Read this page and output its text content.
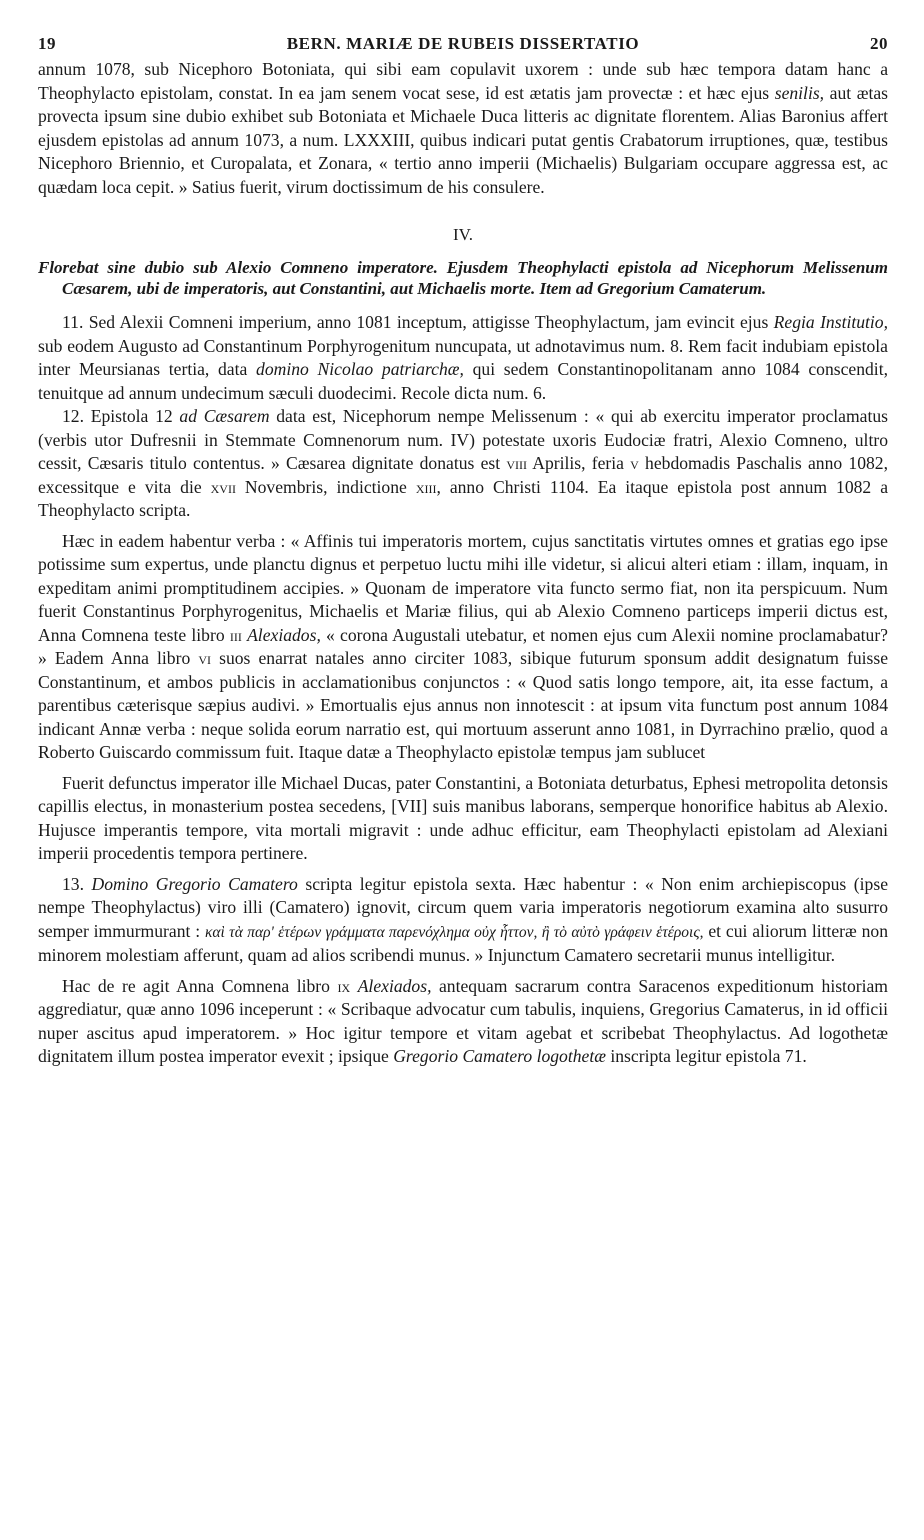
19	BERN. MARIÆ DE RUBEIS DISSERTATIO	20

annum 1078, sub Nicephoro Botoniata, qui sibi eam copulavit uxorem : unde sub hæc tempora datam hanc a Theophylacto epistolam, constat. In ea jam senem vocat sese, id est ætatis jam provectæ : et hæc ejus senilis, aut ætas provecta ipsum sine dubio exhibet sub Botoniata et Michaele Duca litteris ac dignitate florentem. Alias Baronius affert ejusdem epistolas ad annum 1073, a num. LXXXIII, quibus indicari putat gentis Crabatorum irruptiones, quæ, testibus Nicephoro Briennio, et Curopalata, et Zonara, « tertio anno imperii (Michaelis) Bulgariam occupare aggressa est, ac quædam loca cepit. » Satius fuerit, virum doctissimum de his consulere.

IV.

Florebat sine dubio sub Alexio Comneno imperatore. Ejusdem Theophylacti epistola ad Nicephorum Melissenum Cæsarem, ubi de imperatoris, aut Constantini, aut Michaelis morte. Item ad Gregorium Camaterum.

11. Sed Alexii Comneni imperium, anno 1081 inceptum, attigisse Theophylactum, jam evincit ejus Regia Institutio, sub eodem Augusto ad Constantinum Porphyrogenitum nuncupata, ut adnotavimus num. 8. Rem facit indubiam epistola inter Meursianas tertia, data domino Nicolao patriarchæ, qui sedem Constantinopolitanam anno 1084 conscendit, tenuitque ad annum undecimum sæculi duodecimi. Recole dicta num. 6.

12. Epistola 12 ad Cæsarem data est, Nicephorum nempe Melissenum : « qui ab exercitu imperator proclamatus (verbis utor Dufresnii in Stemmate Comnenorum num. IV) potestate uxoris Eudociæ fratri, Alexio Comneno, ultro cessit, Cæsaris titulo contentus. » Cæsarea dignitate donatus est viii Aprilis, feria v hebdomadis Paschalis anno 1082, excessitque e vita die xvii Novembris, indictione xiii, anno Christi 1104. Ea itaque epistola post annum 1082 a Theophylacto scripta.

Hæc in eadem habentur verba : « Affinis tui imperatoris mortem, cujus sanctitatis virtutes omnes et gratias ego ipse potissime sum expertus, unde planctu dignus et perpetuo luctu mihi ille videtur, si alicui alteri etiam : illam, inquam, in expeditam animi promptitudinem accipies. » Quonam de imperatore vita functo sermo fiat, non ita perspicuum. Num fuerit Constantinus Porphyrogenitus, Michaelis et Mariæ filius, qui ab Alexio Comneno particeps imperii dictus est, Anna Comnena teste libro iii Alexiados, « corona Augustali utebatur, et nomen ejus cum Alexii nomine proclamabatur? » Eadem Anna libro vi suos enarrat natales anno circiter 1083, sibique futurum sponsum addit designatum fuisse Constantinum, et ambos publicis in acclamationibus conjunctos : « Quod satis longo tempore, ait, ita esse factum, a parentibus cæterisque sæpius audivi. » Emortualis ejus annus non innotescit : at ipsum vita functum post annum 1084 indicant Annæ verba : neque solida eorum narratio est, qui mortuum asserunt anno 1081, in Dyrrachino prælio, quod a Roberto Guiscardo commissum fuit. Itaque datæ a Theophylacto epistolæ tempus jam sublucet

Fuerit defunctus imperator ille Michael Ducas, pater Constantini, a Botoniata deturbatus, Ephesi metropolita detonsis capillis electus, in monasterium postea secedens, [VII] suis manibus laborans, semperque honorifice habitus ab Alexio. Hujusce imperantis tempore, vita mortali migravit : unde adhuc efficitur, eam Theophylacti epistolam ad Alexiani imperii procedentis tempora pertinere.

13. Domino Gregorio Camatero scripta legitur epistola sexta. Hæc habentur : « Non enim archiepiscopus (ipse nempe Theophylactus) viro illi (Camatero) ignovit, circum quem varia imperatoris negotiorum examina alto susurro semper immurmurant : καὶ τὰ παρ' ἑτέρων γράμματα παρενόχλημα οὐχ ἧττον, ἢ τὸ αὐτὸ γράφειν ἑτέροις, et cui aliorum litteræ non minorem molestiam afferunt, quam ad alios scribendi munus. » Injunctum Camatero secretarii munus intelligitur.

Hac de re agit Anna Comnena libro ix Alexiados, antequam sacrarum contra Saracenos expeditionum historiam aggrediatur, quæ anno 1096 inceperunt : « Scribaque advocatur cum tabulis, inquiens, Gregorius Camaterus, in id officii nuper ascitus apud imperatorem. » Hoc igitur tempore et vitam agebat et scribebat Theophylactus. Ad logothetæ dignitatem illum postea imperator evexit ; ipsique Gregorio Camatero logothetæ inscripta legitur epistola 71.
